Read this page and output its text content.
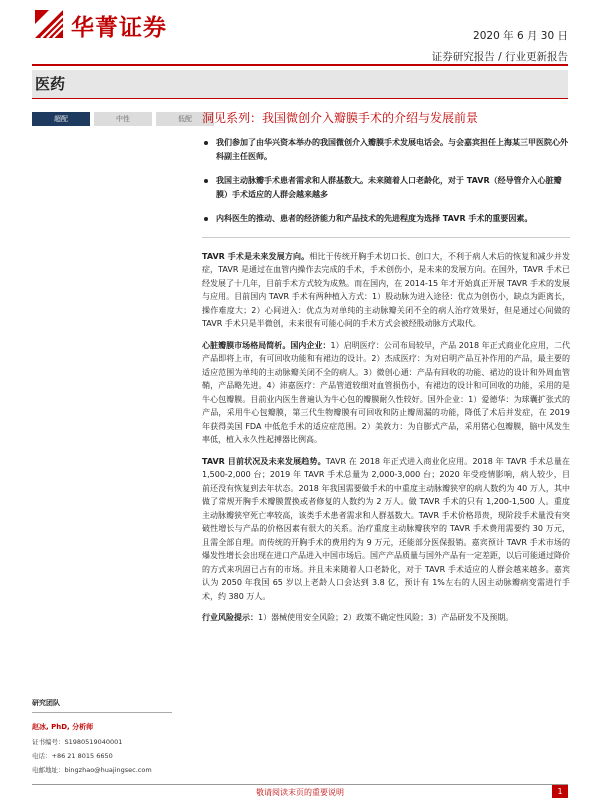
华菁证券	2020 年 6 月 30 日
证券研究报告 / 行业更新报告
医药
超配	中性	低配 洞见系列：我国微创介入瓣膜手术的介绍与发展前景
我们参加了由华兴资本举办的我国微创介入瓣膜手术发展电话会。与会嘉宾担任上海某三甲医院心外科副主任医师。
我国主动脉瓣手术患者需求和人群基数大。未来随着人口老龄化，对于 TAVR（经导管介入心脏瓣膜）手术适应的人群会越来越多
内科医生的推动、患者的经济能力和产品技术的先进程度为选择 TAVR 手术的重要因素。

TAVR 手术是未来发展方向。相比于传统开胸手术切口长、创口大，不利于病人术后的恢复和减少并发症，TAVR 是通过在血管内操作去完成的手术，手术创伤小，是未来的发展方向。在国外，TAVR 手术已经发展了十几年，目前手术方式较为成熟。而在国内，在 2014-15 年才开始真正开展 TAVR 手术的发展与应用。目前国内 TAVR 手术有两种植入方式：1）股动脉为进入途径：优点为创伤小，缺点为距离长，操作难度大；2）心间进入：优点为对单纯的主动脉瓣关闭不全的病人治疗效果好，但是通过心间做的 TAVR 手术只是半微创，未来很有可能心间的手术方式会被经股动脉方式取代。

心脏瓣膜市场格局简析。国内企业：1）启明医疗：公司布局较早，产品 2018 年正式商业化应用，二代产品即将上市，有可回收功能和有裙边的设计。2）杰成医疗：为对启明产品互补作用的产品，最主要的适应范围为单纯的主动脉瓣关闭不全的病人。3）微创心通：产品有回收的功能、裙边的设计和外周血管鞘，产品略先进。4）沛嘉医疗：产品管道较细对血管损伤小，有裙边的设计和可回收的功能，采用的是牛心包瓣膜。目前业内医生普遍认为牛心包的瓣膜耐久性较好。国外企业：1）爱德华：为球囊扩张式的产品，采用牛心包瓣膜，第三代生物瓣膜有可回收和防止瓣周漏的功能，降低了术后并发症，在 2019 年获得美国 FDA 中低危手术的适应症范围。2）美敦力：为自膨式产品，采用猪心包瓣膜，脑中风发生率低，植入永久性起搏器比例高。

TAVR 目前状况及未来发展趋势。TAVR 在 2018 年正式进入商业化应用。2018 年 TAVR 手术总量在 1,500-2,000 台；2019 年 TAVR 手术总量为 2,000-3,000 台；2020 年受疫情影响，病人较少，目前还没有恢复到去年状态。2018 年我国需要做手术的中重度主动脉瓣狭窄的病人数约为 40 万人，其中做了常规开胸手术瓣膜置换或者修复的人数约为 2 万人。做 TAVR 手术的只有 1,200-1,500 人。重度主动脉瓣狭窄死亡率较高，该类手术患者需求和人群基数大。TAVR 手术价格昂贵，现阶段手术量没有突破性增长与产品的价格因素有很大的关系。治疗重度主动脉瓣狭窄的 TAVR 手术费用需要约 30 万元，且需全部自理。而传统的开胸手术的费用约为 9 万元，还能部分医保报销。嘉宾预计 TAVR 手术市场的爆发性增长会出现在进口产品进入中国市场后。国产产品质量与国外产品有一定差距，以后可能通过降价的方式来巩固已占有的市场。并且未来随着人口老龄化，对于 TAVR 手术适应的人群会越来越多。嘉宾认为 2050 年我国 65 岁以上老龄人口会达到 3.8 亿，预计有 1%左右的人因主动脉瓣病变需进行手术，约 380 万人。

行业风险提示：1）器械使用安全风险；2）政策不确定性风险；3）产品研发不及预期。

研究团队
赵冰, PhD, 分析师
证书编号：S1980519040001
电话：+86 21 8015 6650
电邮地址：bingzhao@huajingsec.com
敬请阅读末页的重要说明	1
